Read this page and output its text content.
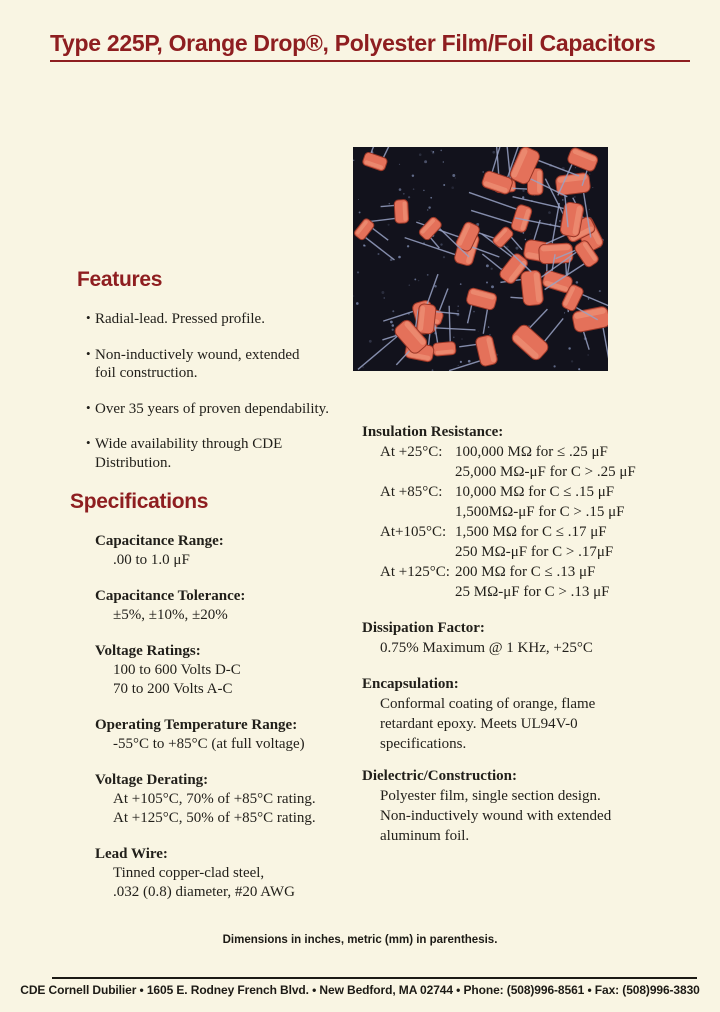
Type 225P, Orange Drop®, Polyester Film/Foil Capacitors
Features
• Radial-lead. Pressed profile.
• Non-inductively wound, extended
foil construction.
• Over 35 years of proven dependability.
• Wide availability through CDE
Distribution.
Specifications
Capacitance Range:
.00 to 1.0 μF
Capacitance Tolerance:
±5%, ±10%, ±20%
Voltage Ratings:
100 to 600 Volts D-C
70 to 200 Volts A-C
Operating Temperature Range:
-55°C to +85°C (at full voltage)
Voltage Derating:
At +105°C, 70% of +85°C rating.
At +125°C, 50% of +85°C rating.
Lead Wire:
Tinned copper-clad steel,
.032 (0.8) diameter, #20 AWG
Insulation Resistance:
At +25°C: 100,000 MΩ for ≤ .25 μF
25,000 MΩ-μF for C > .25 μF
At +85°C: 10,000 MΩ for C ≤ .15 μF
1,500MΩ-μF for C > .15 μF
At+105°C: 1,500 MΩ for C ≤ .17 μF
250 MΩ-μF for C > .17μF
At +125°C: 200 MΩ for C ≤ .13 μF
25 MΩ-μF for C > .13 μF
Dissipation Factor:
0.75% Maximum @ 1 KHz, +25°C
Encapsulation:
Conformal coating of orange, flame
retardant epoxy. Meets UL94V-0
specifications.
Dielectric/Construction:
Polyester film, single section design.
Non-inductively wound with extended
aluminum foil.
Dimensions in inches, metric (mm) in parenthesis.
CDE Cornell Dubilier • 1605 E. Rodney French Blvd. • New Bedford, MA 02744 • Phone: (508)996-8561 • Fax: (508)996-3830
